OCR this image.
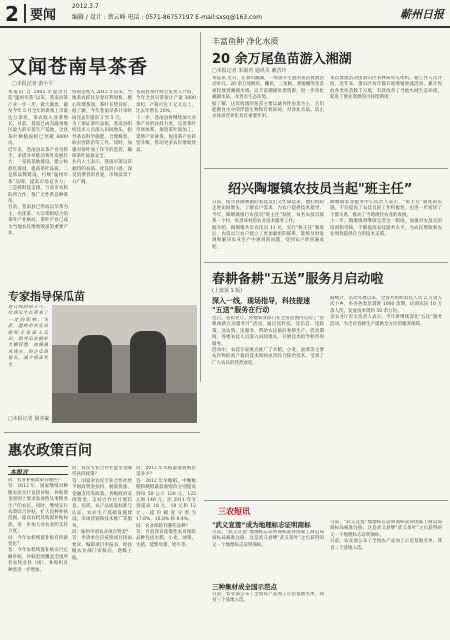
2 要闻
2012.3.7
编辑 / 设计 : 蔡云峰 电话 : 0571-86757197 E-mail:sxsq@163.com	蕲州日报
又闻苍南旱茶香
□本报记者 游小平

本报讯 自 2002 年提出打造"温州早茶”以来，苍南县茶产业一步一步，做大做优。截至今年 5 月全年的新茶上市量达万余担，茶农收入显著增长。目前，苍南已成为温州地区最大的早茶生产基地，全县茶叶种植面积已突破 6000 亩。

近年来，苍南县以茶产业为抓手，多措并举推动茶叶发展壮大：一是抓基地建设，建立标准化茶园，提高茶叶品质；二是抓品牌建设，打响"温州早茶”品牌，提高市场竞争力；三是抓科技支撑，与省市农科院所合作，推广无性系良种茶苗。

目前，苍南县已形成以早茶为主，名优茶、大宗茶相结合的茶叶产业格局，茶叶产业已成为当地农民增收致富的重要产业。

特别是进入 2012 年以来，当地茶农抓住早春有利时机，精心管理茶园，茶叶长势良好。据了解，今年苍南早茶开采时间比去年提前 3 至 5 天。

为了保证茶叶品质，苍南县组织技术人员深入田间地头，指导茶农科学施肥、合理修剪、病虫害防治等工作。同时，加强对茶叶加工环节的监管，确保茶叶质量安全。

业内人士表示，苍南早茶以其独特的品质、优良的口感，深受消费者的喜爱，市场前景十分广阔。

苍南县茶叶协会负责人介绍，今年全县早茶预计产量 3000 余担，产值可达 1 亿元以上，比去年增长 20%。

下一步，苍南县将继续加大对茶产业的扶持力度，完善茶叶市场体系，推进茶叶深加工，延伸产业链条，促进茶产业转型升级，带动更多农民增收致富。

丰富鱼种 净化水质
20 余万尾鱼苗游入湘湖
□本报记者 朱锡青 通讯员 戴晋玲

本报讯 近日，在萧山湘湖，一场别开生面的鱼苗放流活动举行。20 余万尾鲢鱼、鳙鱼、三角鲂、黄尾鲴等鱼苗被投放到湘湖水域，以丰富湘湖鱼类资源，进一步净化湘湖水质，改善水生态环境。

据了解，这次放流的鱼苗主要以滤食性鱼类为主，它们能摄食水中的浮游生物和有机碎屑，对净化水质、防止水体富营养化具有重要作用。

本次放流活动由萧山区农林局牵头组织。据工作人员介绍，近年来，萧山区每年都开展增殖放流活动，累计投放各类鱼苗数千万尾，有效改善了当地水域生态环境，促进了渔业资源的可持续利用。

绍兴陶堰镇农技员当起"班主任”

日前，绍兴县陶堰镇的农技员们又忙碌起来，他们纷纷走进田间地头，了解农户需求，为农户提供技术指导。今年，陶堰镇推行农技员"班主任”制度，每名农技员联系一个村，负责该村的农业技术服务工作。

据介绍，陶堰镇共有农技员 11 名，实行"班主任”制度后，农技员与农户建立了更加紧密的联系，能够及时发现和解决农业生产中遇到的问题，受到农户的普遍欢迎。

陶堰镇农业服务中心负责人表示，"班主任”制度的实施，不仅提高了农技员的工作积极性，也进一步密切了干群关系，推动了当地现代农业的发展。

下一步，陶堰镇将继续完善这一制度，加强对农技员的培训和考核，不断提高农技服务水平，为农民增收和农业增效提供有力的技术支撑。

专家指导保瓜苗

连日的阴雨天气，给西瓜生长带来了一定的影响。为此，温岭市农业局组织专家深入瓜田，指导瓜农做好大棚管理，加强通风透光，防止瓜苗徒长，减少病害发生。

□本报记者 屠亦豪
春耕备耕"五送”服务月启动啦
(上接第 1 版)
深入一线，现场指导，科技提速
"五送”服务在行动

近日，省农业厅、各地农业部门在全省范围内启动了"春耕备耕五送服务月”活动，通过送科技、送信息、送政策、送农资、送服务，帮助农民搞好春耕生产。活动期间，各地农技人员深入田间地头，开展技术指导和咨询服务。

活动中，农技专家重点推广了水稻、小麦、油菜等主要农作物的高产栽培技术和病虫害综合防治技术，受到了广大农民的热烈欢迎。

据统计，活动开展以来，全省共组织农技人员 2 万余人次下乡，举办各类培训班 1000 余期，培训农民 10 万余人次，发放技术资料 50 余万份。

省农业厅有关负责人表示，今年将继续深化"五送”服务活动，为全省春耕生产提供全方位的服务保障。

惠农政策百问
本报言

问：农业补贴政策有哪些？

答：2012 年，国家继续对种粮农民实行直接补贴，补贴资金原则上要求发放给从事粮食生产的农民。同时，继续实行农资综合补贴，扩大良种补贴范围，提高农机具购置补贴标准，进一步加大对农业的支持力度。

问：今年农机购置补贴有何新变化？

答：今年农机购置补贴实行定额补贴，补贴范围覆盖全国所有农牧业县（场），补贴机具种类进一步增加。

问：农民专业合作社能享受哪些扶持政策？

答：国家对农民专业合作社给予财政资金扶持、税收优惠、金融支持等政策。各级政府安排资金，支持合作社开展信息、培训、农产品质量标准与认证、农业生产基础设施建设、市场营销和技术推广等服务。

问：如何申请农业项目资金？

答：申请单位应按照项目指南要求，编制项目申报书，经县级农业部门审核后，逐级上报。

问：2012 年水稻最低收购价是多少？

答：2012 年早籼稻、中晚籼稻和粳稻最低收购价分别提高到每 50 公斤 120 元、125 元和 140 元，比 2011 年分别提高 18 元、18 元和 12 元，提价幅度分别为 17.6%、16.8% 和 9.4%。

问：农业保险有哪些品种？

答：目前我省政策性农业保险品种包括水稻、小麦、油菜、生猪、能繁母猪、奶牛等。

三农短讯
"武义宣莲”成为地理标志证明商标

日前，"武义宣莲”地理标志证明商标获得国家工商总局商标局核准注册。这是武义县继"武义茶叶”之后获得的又一个地理标志证明商标。

三种集材成全国示范点

日前，农业部公布了全国农产品加工示范基地名单，我省三个基地入选。

日前，"武义宣莲”地理标志证明商标获得国家工商总局商标局核准注册。这是武义县继"武义茶叶”之后获得的又一个地理标志证明商标。

日前，农业部公布了全国农产品加工示范基地名单，我省三个基地入选。
